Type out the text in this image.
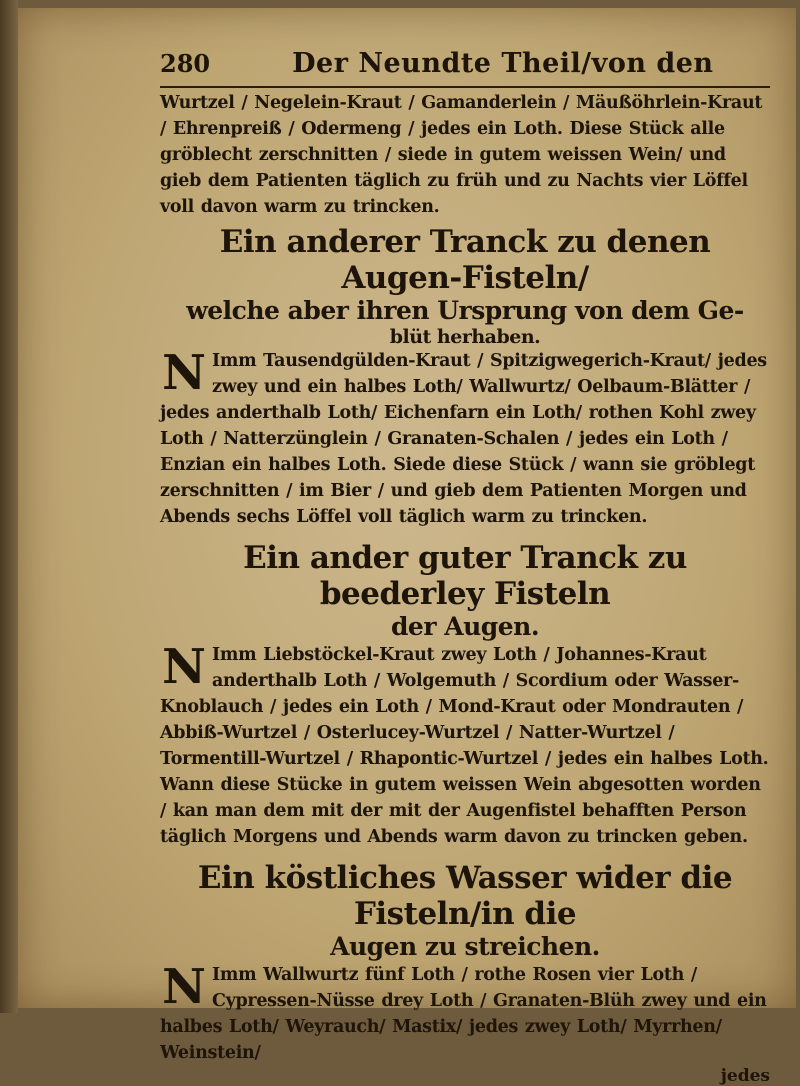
280	Der Neundte Theil/von den

Wurtzel / Negelein-Kraut / Gamanderlein / Mäußöhrlein-Kraut / Ehrenpreiß / Odermeng / jedes ein Loth. Diese Stück alle gröblecht zerschnitten / siede in gutem weissen Wein/ und gieb dem Patienten täglich zu früh und zu Nachts vier Löffel voll davon warm zu trincken.

Ein anderer Tranck zu denen Augen-Fisteln/
welche aber ihren Ursprung von dem Ge-
blüt herhaben.
N Imm Tausendgülden-Kraut / Spitzigwegerich-Kraut/ jedes zwey und ein halbes Loth/ Wallwurtz/ Oelbaum-Blätter / jedes anderthalb Loth/ Eichenfarn ein Loth/ rothen Kohl zwey Loth / Natterzünglein / Granaten-Schalen / jedes ein Loth / Enzian ein halbes Loth. Siede diese Stück / wann sie gröblegt zerschnitten / im Bier / und gieb dem Patienten Morgen und Abends sechs Löffel voll täglich warm zu trincken.

Ein ander guter Tranck zu beederley Fisteln
der Augen.
N Imm Liebstöckel-Kraut zwey Loth / Johannes-Kraut anderthalb Loth / Wolgemuth / Scordium oder Wasser-Knoblauch / jedes ein Loth / Mond-Kraut oder Mondrauten / Abbiß-Wurtzel / Osterlucey-Wurtzel / Natter-Wurtzel / Tormentill-Wurtzel / Rhapontic-Wurtzel / jedes ein halbes Loth. Wann diese Stücke in gutem weissen Wein abgesotten worden / kan man dem mit der mit der Augenfistel behafften Person täglich Morgens und Abends warm davon zu trincken geben.

Ein köstliches Wasser wider die Fisteln/in die
Augen zu streichen.
N Imm Wallwurtz fünf Loth / rothe Rosen vier Loth / Cypressen-Nüsse drey Loth / Granaten-Blüh zwey und ein halbes Loth/ Weyrauch/ Mastix/ jedes zwey Loth/ Myrrhen/ Weinstein/

jedes
